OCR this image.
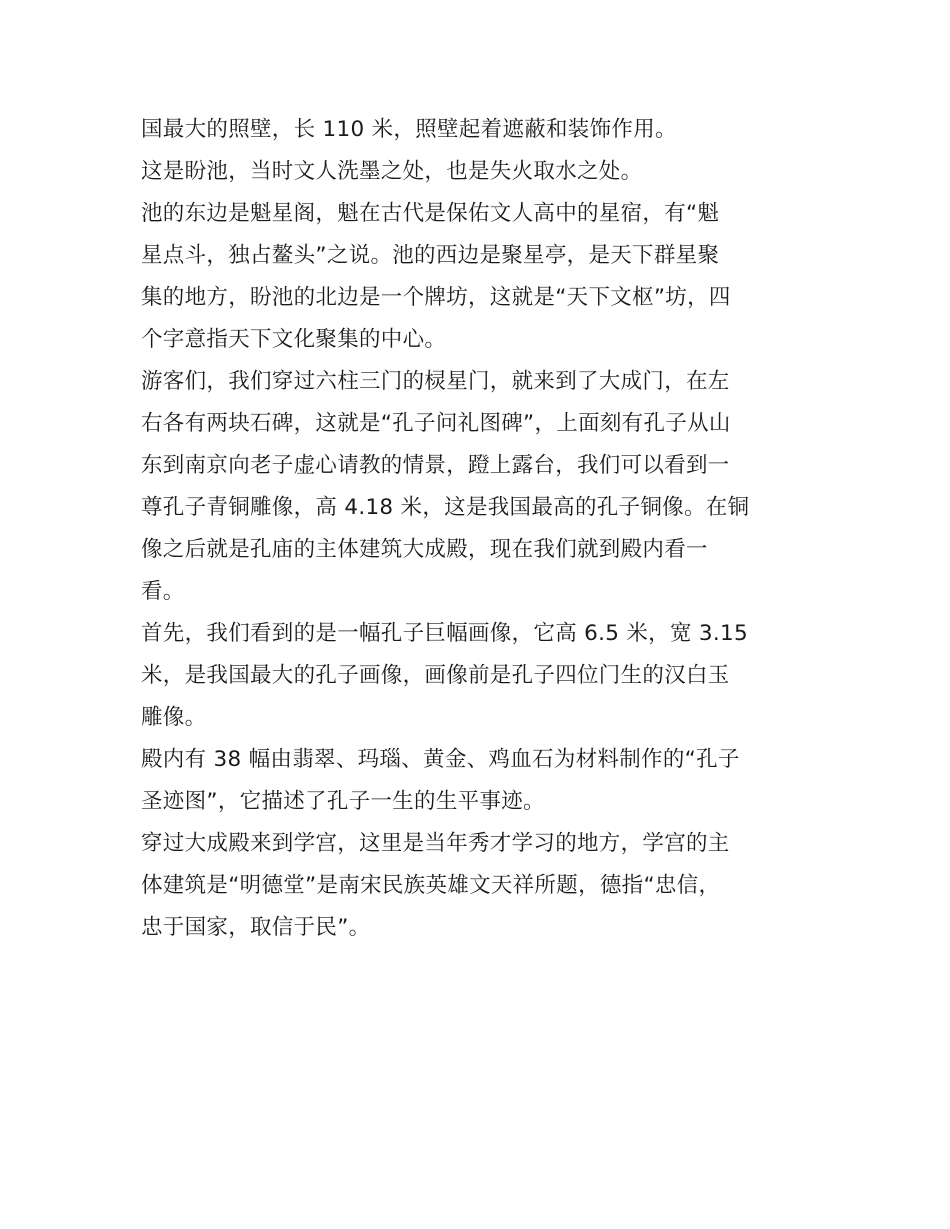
国最大的照壁，长 110 米，照壁起着遮蔽和装饰作用。
这是盼池，当时文人洗墨之处，也是失火取水之处。
池的东边是魁星阁，魁在古代是保佑文人高中的星宿，有“魁
星点斗，独占鳌头”之说。池的西边是聚星亭，是天下群星聚
集的地方，盼池的北边是一个牌坊，这就是“天下文枢”坊，四
个字意指天下文化聚集的中心。
游客们，我们穿过六柱三门的棂星门，就来到了大成门，在左
右各有两块石碑，这就是“孔子问礼图碑”，上面刻有孔子从山
东到南京向老子虚心请教的情景，蹬上露台，我们可以看到一
尊孔子青铜雕像，高 4.18 米，这是我国最高的孔子铜像。在铜
像之后就是孔庙的主体建筑大成殿，现在我们就到殿内看一
看。
首先，我们看到的是一幅孔子巨幅画像，它高 6.5 米，宽 3.15
米，是我国最大的孔子画像，画像前是孔子四位门生的汉白玉
雕像。
殿内有 38 幅由翡翠、玛瑙、黄金、鸡血石为材料制作的“孔子
圣迹图”，它描述了孔子一生的生平事迹。
穿过大成殿来到学宫，这里是当年秀才学习的地方，学宫的主
体建筑是“明德堂”是南宋民族英雄文天祥所题，德指“忠信，
忠于国家，取信于民”。
